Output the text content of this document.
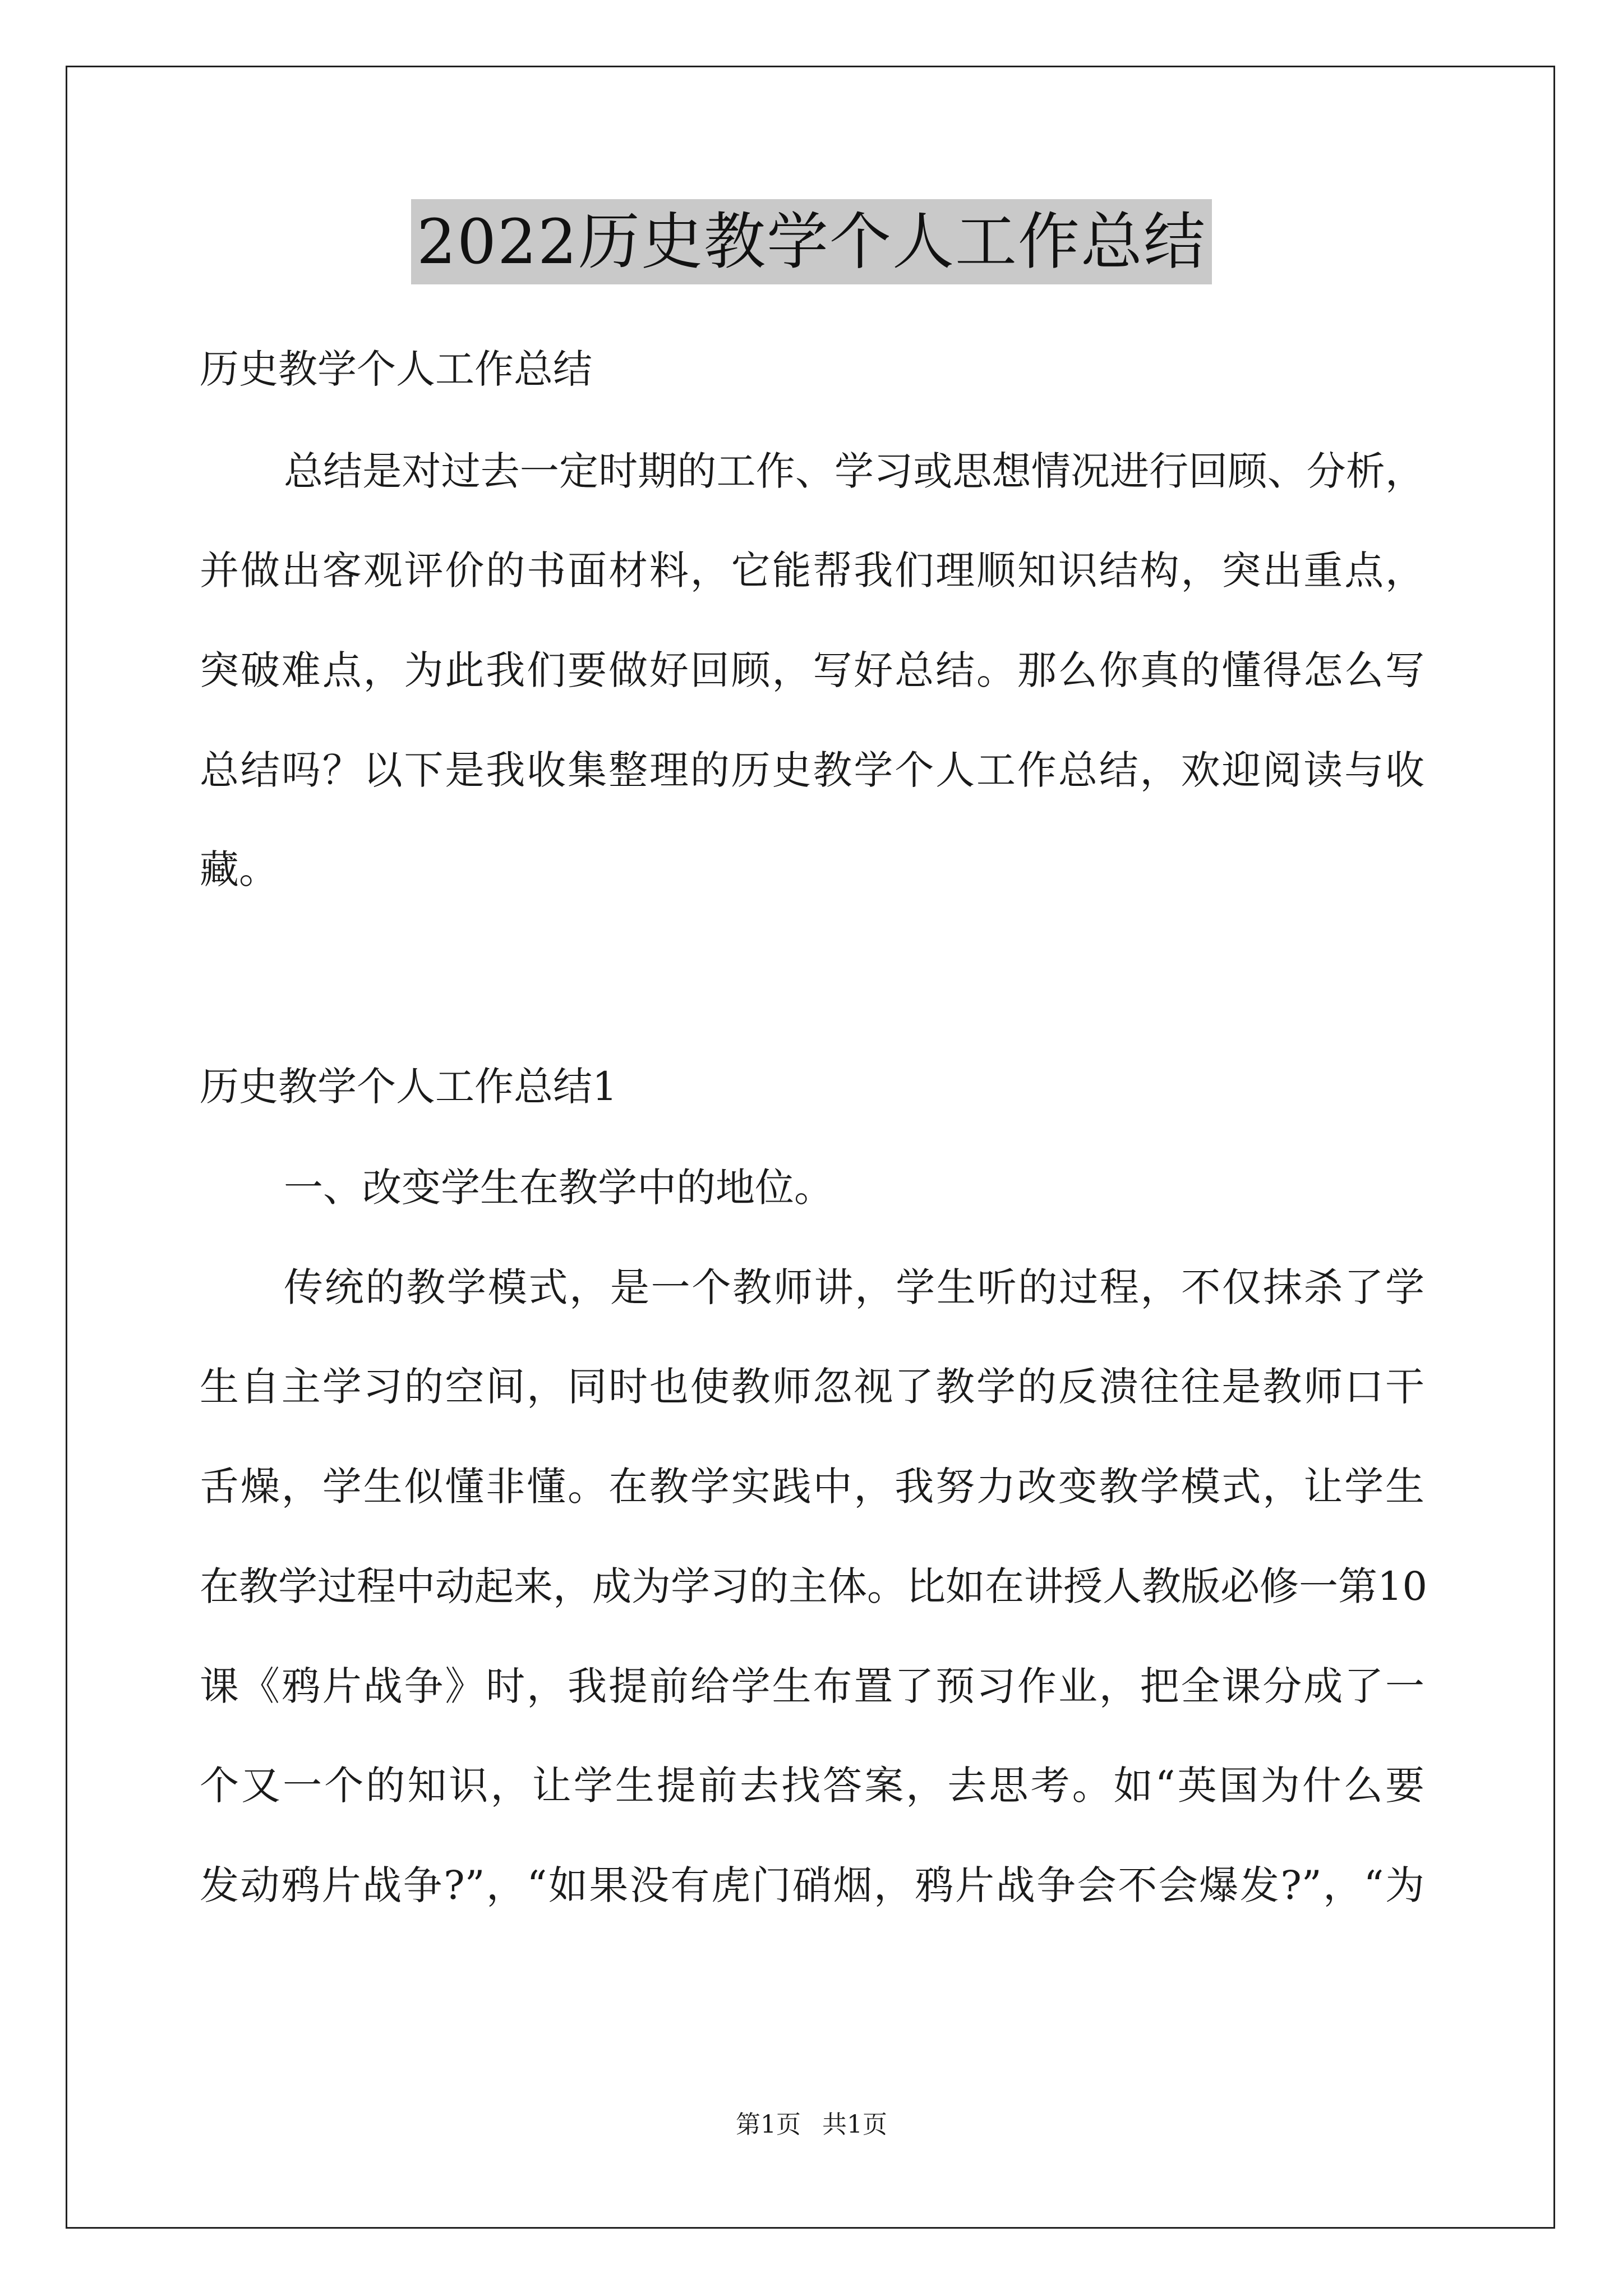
2022历史教学个人工作总结
历史教学个人工作总结
总结是对过去一定时期的工作、学习或思想情况进行回顾、分析，
并做出客观评价的书面材料，它能帮我们理顺知识结构，突出重点，
突破难点，为此我们要做好回顾，写好总结。那么你真的懂得怎么写
总结吗？以下是我收集整理的历史教学个人工作总结，欢迎阅读与收
藏。
历史教学个人工作总结1
一、改变学生在教学中的地位。
传统的教学模式，是一个教师讲，学生听的过程，不仅抹杀了学
生自主学习的空间，同时也使教师忽视了教学的反溃往往是教师口干
舌燥，学生似懂非懂。在教学实践中，我努力改变教学模式，让学生
在教学过程中动起来，成为学习的主体。比如在讲授人教版必修一第10
课《鸦片战争》时，我提前给学生布置了预习作业，把全课分成了一
个又一个的知识，让学生提前去找答案，去思考。如“英国为什么要
发动鸦片战争?”，“如果没有虎门硝烟，鸦片战争会不会爆发?”，“为
第1页 共1页
